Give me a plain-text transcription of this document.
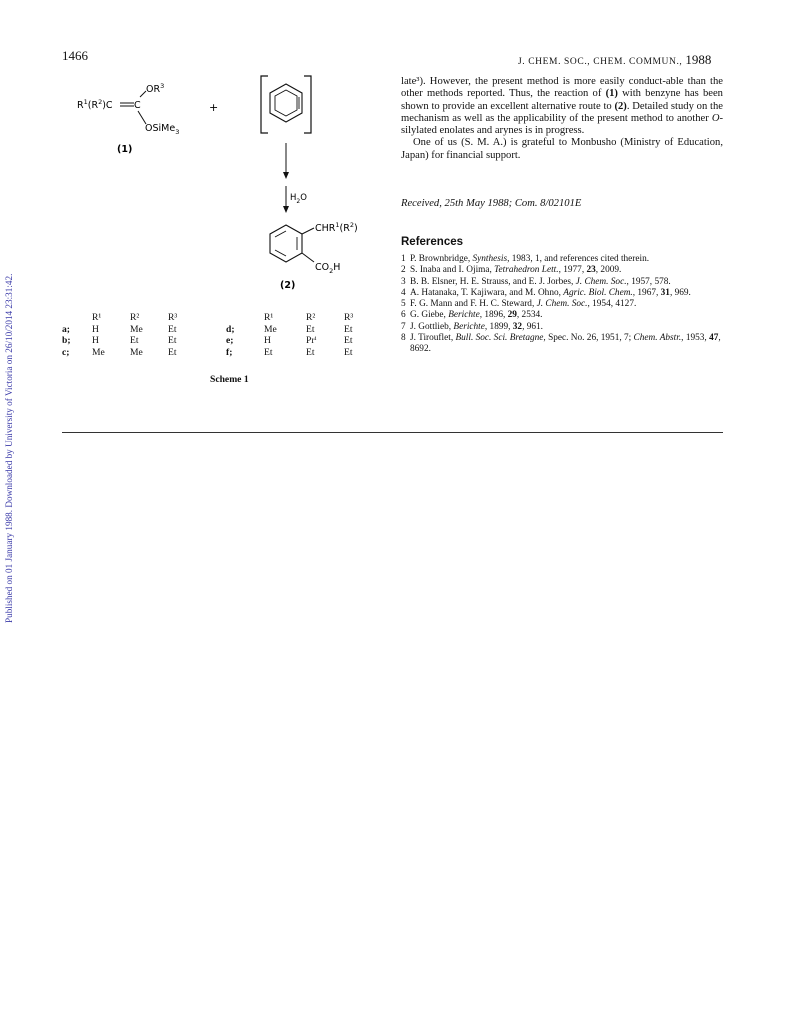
Published on 01 January 1988. Downloaded by University of Victoria on 26/10/2014 23:31:42.
1466	J. CHEM. SOC., CHEM. COMMUN., 1988
$OR^3$
$R^1(R^2)C$ C
OSiMe$_3$
(1)
+
$H_2O$
$CHR^1(R^2)$
$CO_2H$
(2)
	R¹	R²	R³
a;	H	Me	Et
b;	H	Et	Et
c;	Me	Me	Et
	R¹	R²	R³
d;	Me	Et	Et
e;	H	Prⁱ	Et
f;	Et	Et	Et
Scheme 1

late³). However, the present method is more easily conduct-able than the other methods reported. Thus, the reaction of (1) with benzyne has been shown to provide an excellent alternative route to (2). Detailed study on the mechanism as well as the applicability of the present method to another O-silylated enolates and arynes is in progress.

One of us (S. M. A.) is grateful to Monbusho (Ministry of Education, Japan) for financial support.

Received, 25th May 1988; Com. 8/02101E
References
1 P. Brownbridge, Synthesis, 1983, 1, and references cited therein.
2 S. Inaba and I. Ojima, Tetrahedron Lett., 1977, 23, 2009.
3 B. B. Elsner, H. E. Strauss, and E. J. Jorbes, J. Chem. Soc., 1957, 578.
4 A. Hatanaka, T. Kajiwara, and M. Ohno, Agric. Biol. Chem., 1967, 31, 969.
5 F. G. Mann and F. H. C. Steward, J. Chem. Soc., 1954, 4127.
6 G. Giebe, Berichte, 1896, 29, 2534.
7 J. Gottlieb, Berichte, 1899, 32, 961.
8 J. Tirouflet, Bull. Soc. Sci. Bretagne, Spec. No. 26, 1951, 7; Chem. Abstr., 1953, 47, 8692.
